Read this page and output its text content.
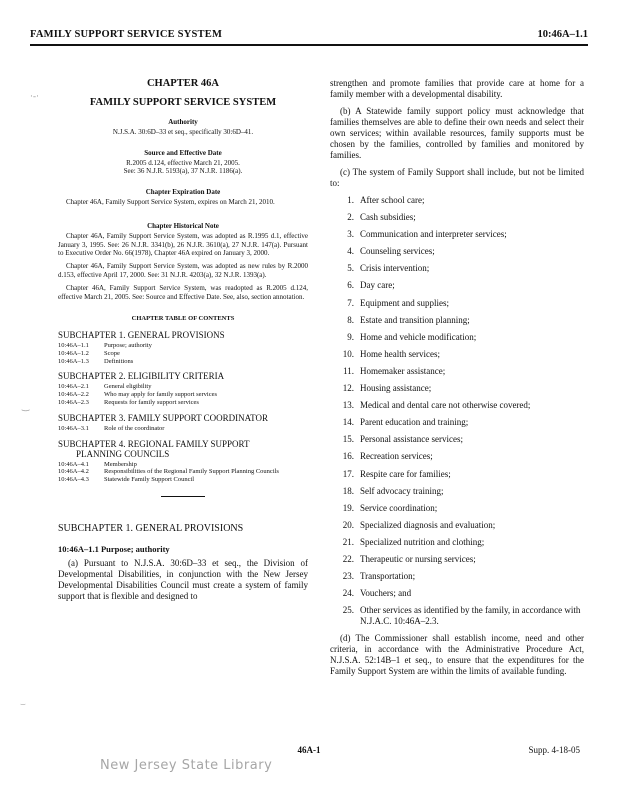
FAMILY SUPPORT SERVICE SYSTEM	10:46A–1.1
·-·
‿
⌣
CHAPTER 46A
FAMILY SUPPORT SERVICE SYSTEM
Authority
N.J.S.A. 30:6D–33 et seq., specifically 30:6D–41.
Source and Effective Date
R.2005 d.124, effective March 21, 2005.
See: 36 N.J.R. 5193(a), 37 N.J.R. 1186(a).
Chapter Expiration Date

Chapter 46A, Family Support Service System, expires on March 21, 2010.

Chapter Historical Note

Chapter 46A, Family Support Service System, was adopted as R.1995 d.1, effective January 3, 1995. See: 26 N.J.R. 3341(b), 26 N.J.R. 3610(a), 27 N.J.R. 147(a). Pursuant to Executive Order No. 66(1978), Chapter 46A expired on January 3, 2000.

Chapter 46A, Family Support Service System, was adopted as new rules by R.2000 d.153, effective April 17, 2000. See: 31 N.J.R. 4203(a), 32 N.J.R. 1393(a).

Chapter 46A, Family Support Service System, was readopted as R.2005 d.124, effective March 21, 2005. See: Source and Effective Date. See, also, section annotation.

CHAPTER TABLE OF CONTENTS
SUBCHAPTER 1. GENERAL PROVISIONS
10:46A–1.1	Purpose; authority
10:46A–1.2	Scope
10:46A–1.3	Definitions
SUBCHAPTER 2. ELIGIBILITY CRITERIA
10:46A–2.1	General eligibility
10:46A–2.2	Who may apply for family support services
10:46A–2.3	Requests for family support services
SUBCHAPTER 3. FAMILY SUPPORT COORDINATOR
10:46A–3.1	Role of the coordinator
SUBCHAPTER 4. REGIONAL FAMILY SUPPORT
PLANNING COUNCILS
10:46A–4.1	Membership
10:46A–4.2	Responsibilities of the Regional Family Support Planning Councils
10:46A–4.3	Statewide Family Support Council
SUBCHAPTER 1. GENERAL PROVISIONS
10:46A–1.1 Purpose; authority

(a) Pursuant to N.J.S.A. 30:6D–33 et seq., the Division of Developmental Disabilities, in conjunction with the New Jersey Developmental Disabilities Council must create a system of family support that is flexible and designed to

strengthen and promote families that provide care at home for a family member with a developmental disability.

(b) A Statewide family support policy must acknowledge that families themselves are able to define their own needs and select their own services; within available resources, family supports must be chosen by the families, controlled by families and monitored by families.

(c) The system of Family Support shall include, but not be limited to:

1. After school care;
2. Cash subsidies;
3. Communication and interpreter services;
4. Counseling services;
5. Crisis intervention;
6. Day care;
7. Equipment and supplies;
8. Estate and transition planning;
9. Home and vehicle modification;
10. Home health services;
11. Homemaker assistance;
12. Housing assistance;
13. Medical and dental care not otherwise covered;
14. Parent education and training;
15. Personal assistance services;
16. Recreation services;
17. Respite care for families;
18. Self advocacy training;
19. Service coordination;
20. Specialized diagnosis and evaluation;
21. Specialized nutrition and clothing;
22. Therapeutic or nursing services;
23. Transportation;
24. Vouchers; and
25. Other services as identified by the family, in accordance with N.J.A.C. 10:46A–2.3.

(d) The Commissioner shall establish income, need and other criteria, in accordance with the Administrative Procedure Act, N.J.S.A. 52:14B–1 et seq., to ensure that the expenditures for the Family Support System are within the limits of available funding.

46A-1	Supp. 4-18-05
New Jersey State Library
